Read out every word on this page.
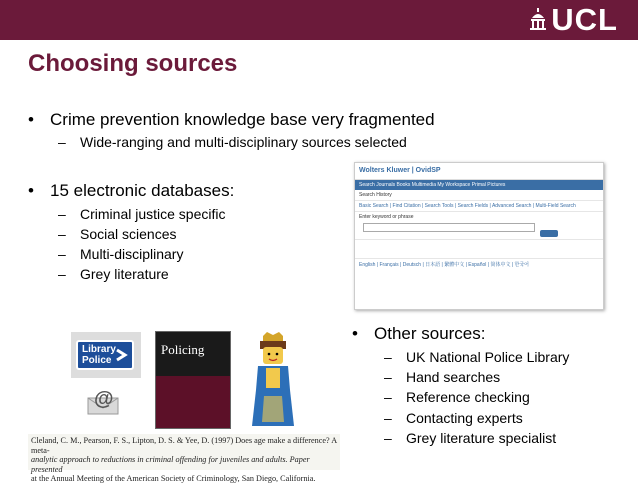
UCL
Choosing sources
• Crime prevention knowledge base very fragmented
– Wide-ranging and multi-disciplinary sources selected
• 15 electronic databases:
– Criminal justice specific
– Social sciences
– Multi-disciplinary
– Grey literature
Wolters Kluwer | OvidSP
Search Journals Books Multimedia My Workspace Primal Pictures
Search History
Basic Search | Find Citation | Search Tools | Search Fields | Advanced Search | Multi-Field Search
Enter keyword or phrase

English | Français | Deutsch | 日本語 | 繁體中文 | Español | 简体中文 | 한국어
• Other sources:
– UK National Police Library
– Hand searches
– Reference checking
– Contacting experts
– Grey literature specialist
Library Police
@
Policing
Cleland, C. M., Pearson, F. S., Lipton, D. S. & Yee, D. (1997) Does age make a difference? A meta-
analytic approach to reductions in criminal offending for juveniles and adults. Paper presented
at the Annual Meeting of the American Society of Criminology, San Diego, California.
